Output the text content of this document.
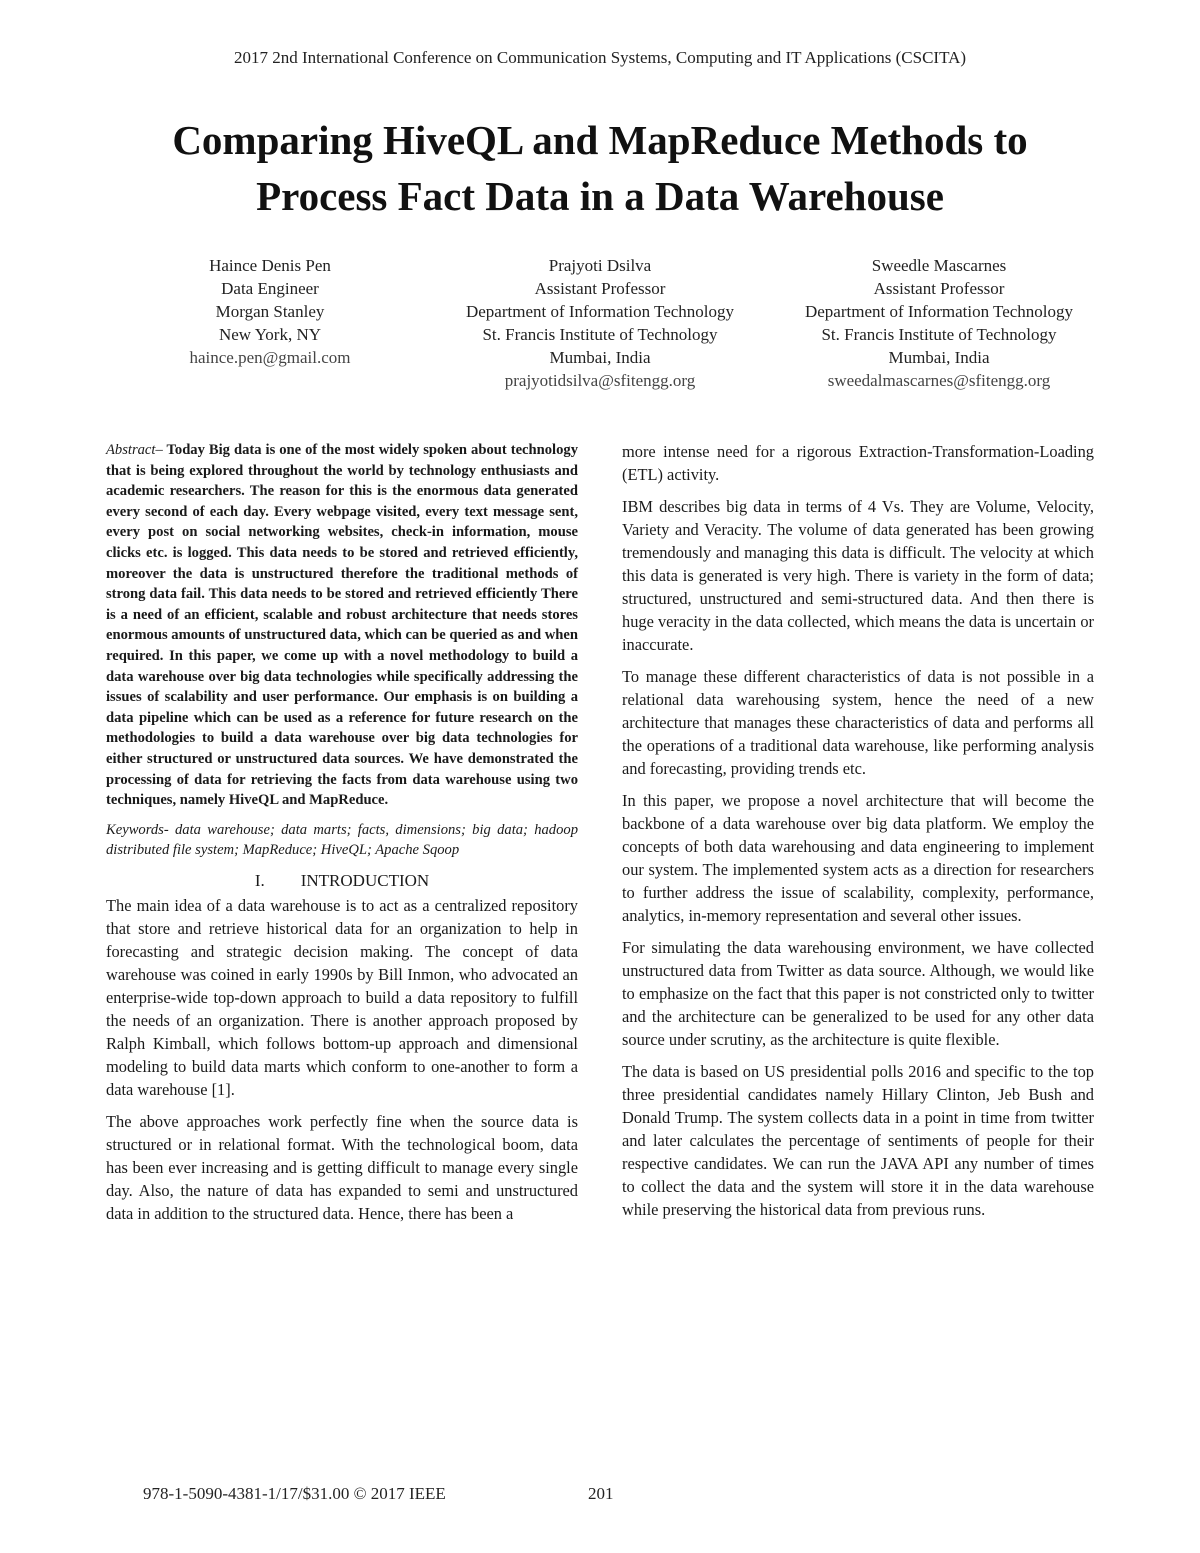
2017 2nd International Conference on Communication Systems, Computing and IT Applications (CSCITA)
Comparing HiveQL and MapReduce Methods to
Process Fact Data in a Data Warehouse
Haince Denis Pen
Data Engineer
Morgan Stanley
New York, NY
haince.pen@gmail.com
Prajyoti Dsilva
Assistant Professor
Department of Information Technology
St. Francis Institute of Technology
Mumbai, India
prajyotidsilva@sfitengg.org
Sweedle Mascarnes
Assistant Professor
Department of Information Technology
St. Francis Institute of Technology
Mumbai, India
sweedalmascarnes@sfitengg.org

Abstract– Today Big data is one of the most widely spoken about technology that is being explored throughout the world by technology enthusiasts and academic researchers. The reason for this is the enormous data generated every second of each day. Every webpage visited, every text message sent, every post on social networking websites, check-in information, mouse clicks etc. is logged. This data needs to be stored and retrieved efficiently, moreover the data is unstructured therefore the traditional methods of strong data fail. This data needs to be stored and retrieved efficiently There is a need of an efficient, scalable and robust architecture that needs stores enormous amounts of unstructured data, which can be queried as and when required. In this paper, we come up with a novel methodology to build a data warehouse over big data technologies while specifically addressing the issues of scalability and user performance. Our emphasis is on building a data pipeline which can be used as a reference for future research on the methodologies to build a data warehouse over big data technologies for either structured or unstructured data sources. We have demonstrated the processing of data for retrieving the facts from data warehouse using two techniques, namely HiveQL and MapReduce.

Keywords- data warehouse; data marts; facts, dimensions; big data; hadoop distributed file system; MapReduce; HiveQL; Apache Sqoop

I. INTRODUCTION

The main idea of a data warehouse is to act as a centralized repository that store and retrieve historical data for an organization to help in forecasting and strategic decision making. The concept of data warehouse was coined in early 1990s by Bill Inmon, who advocated an enterprise-wide top-down approach to build a data repository to fulfill the needs of an organization. There is another approach proposed by Ralph Kimball, which follows bottom-up approach and dimensional modeling to build data marts which conform to one-another to form a data warehouse [1].

The above approaches work perfectly fine when the source data is structured or in relational format. With the technological boom, data has been ever increasing and is getting difficult to manage every single day. Also, the nature of data has expanded to semi and unstructured data in addition to the structured data. Hence, there has been a

more intense need for a rigorous Extraction-Transformation-Loading (ETL) activity.

IBM describes big data in terms of 4 Vs. They are Volume, Velocity, Variety and Veracity. The volume of data generated has been growing tremendously and managing this data is difficult. The velocity at which this data is generated is very high. There is variety in the form of data; structured, unstructured and semi-structured data. And then there is huge veracity in the data collected, which means the data is uncertain or inaccurate.

To manage these different characteristics of data is not possible in a relational data warehousing system, hence the need of a new architecture that manages these characteristics of data and performs all the operations of a traditional data warehouse, like performing analysis and forecasting, providing trends etc.

In this paper, we propose a novel architecture that will become the backbone of a data warehouse over big data platform. We employ the concepts of both data warehousing and data engineering to implement our system. The implemented system acts as a direction for researchers to further address the issue of scalability, complexity, performance, analytics, in-memory representation and several other issues.

For simulating the data warehousing environment, we have collected unstructured data from Twitter as data source. Although, we would like to emphasize on the fact that this paper is not constricted only to twitter and the architecture can be generalized to be used for any other data source under scrutiny, as the architecture is quite flexible.

The data is based on US presidential polls 2016 and specific to the top three presidential candidates namely Hillary Clinton, Jeb Bush and Donald Trump. The system collects data in a point in time from twitter and later calculates the percentage of sentiments of people for their respective candidates. We can run the JAVA API any number of times to collect the data and the system will store it in the data warehouse while preserving the historical data from previous runs.

978-1-5090-4381-1/17/$31.00 © 2017 IEEE	201
